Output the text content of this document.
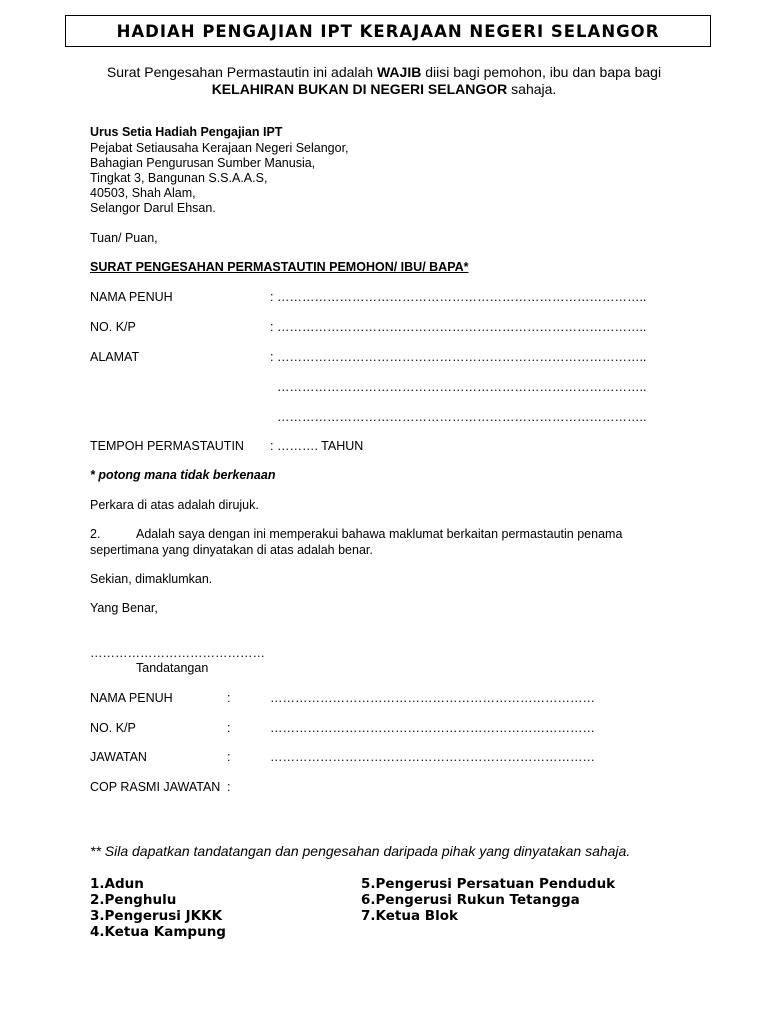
HADIAH PENGAJIAN IPT KERAJAAN NEGERI SELANGOR
Surat Pengesahan Permastautin ini adalah WAJIB diisi bagi pemohon, ibu dan bapa bagi
KELAHIRAN BUKAN DI NEGERI SELANGOR sahaja.
Urus Setia Hadiah Pengajian IPT
Pejabat Setiausaha Kerajaan Negeri Selangor,
Bahagian Pengurusan Sumber Manusia,
Tingkat 3, Bangunan S.S.A.A.S,
40503, Shah Alam,
Selangor Darul Ehsan.
Tuan/ Puan,
SURAT PENGESAHAN PERMASTAUTIN PEMOHON/ IBU/ BAPA*
NAMA PENUH	: ……………………………………………………………………………..
NO. K/P	: ……………………………………………………………………………..
ALAMAT	: ……………………………………………………………………………..
……………………………………………………………………………..
……………………………………………………………………………..
TEMPOH PERMASTAUTIN : ………. TAHUN
* potong mana tidak berkenaan
Perkara di atas adalah dirujuk.
2.	Adalah saya dengan ini memperakui bahawa maklumat berkaitan permastautin penama
sepertimana yang dinyatakan di atas adalah benar.
Sekian, dimaklumkan.
Yang Benar,
……………………………………
Tandatangan
NAMA PENUH	:	……………………………………………………………………
NO. K/P	:	……………………………………………………………………
JAWATAN	:	……………………………………………………………………
COP RASMI JAWATAN :
** Sila dapatkan tandatangan dan pengesahan daripada pihak yang dinyatakan sahaja.
1.Adun
2.Penghulu
3.Pengerusi JKKK
4.Ketua Kampung
5.Pengerusi Persatuan Penduduk
6.Pengerusi Rukun Tetangga
7.Ketua Blok
